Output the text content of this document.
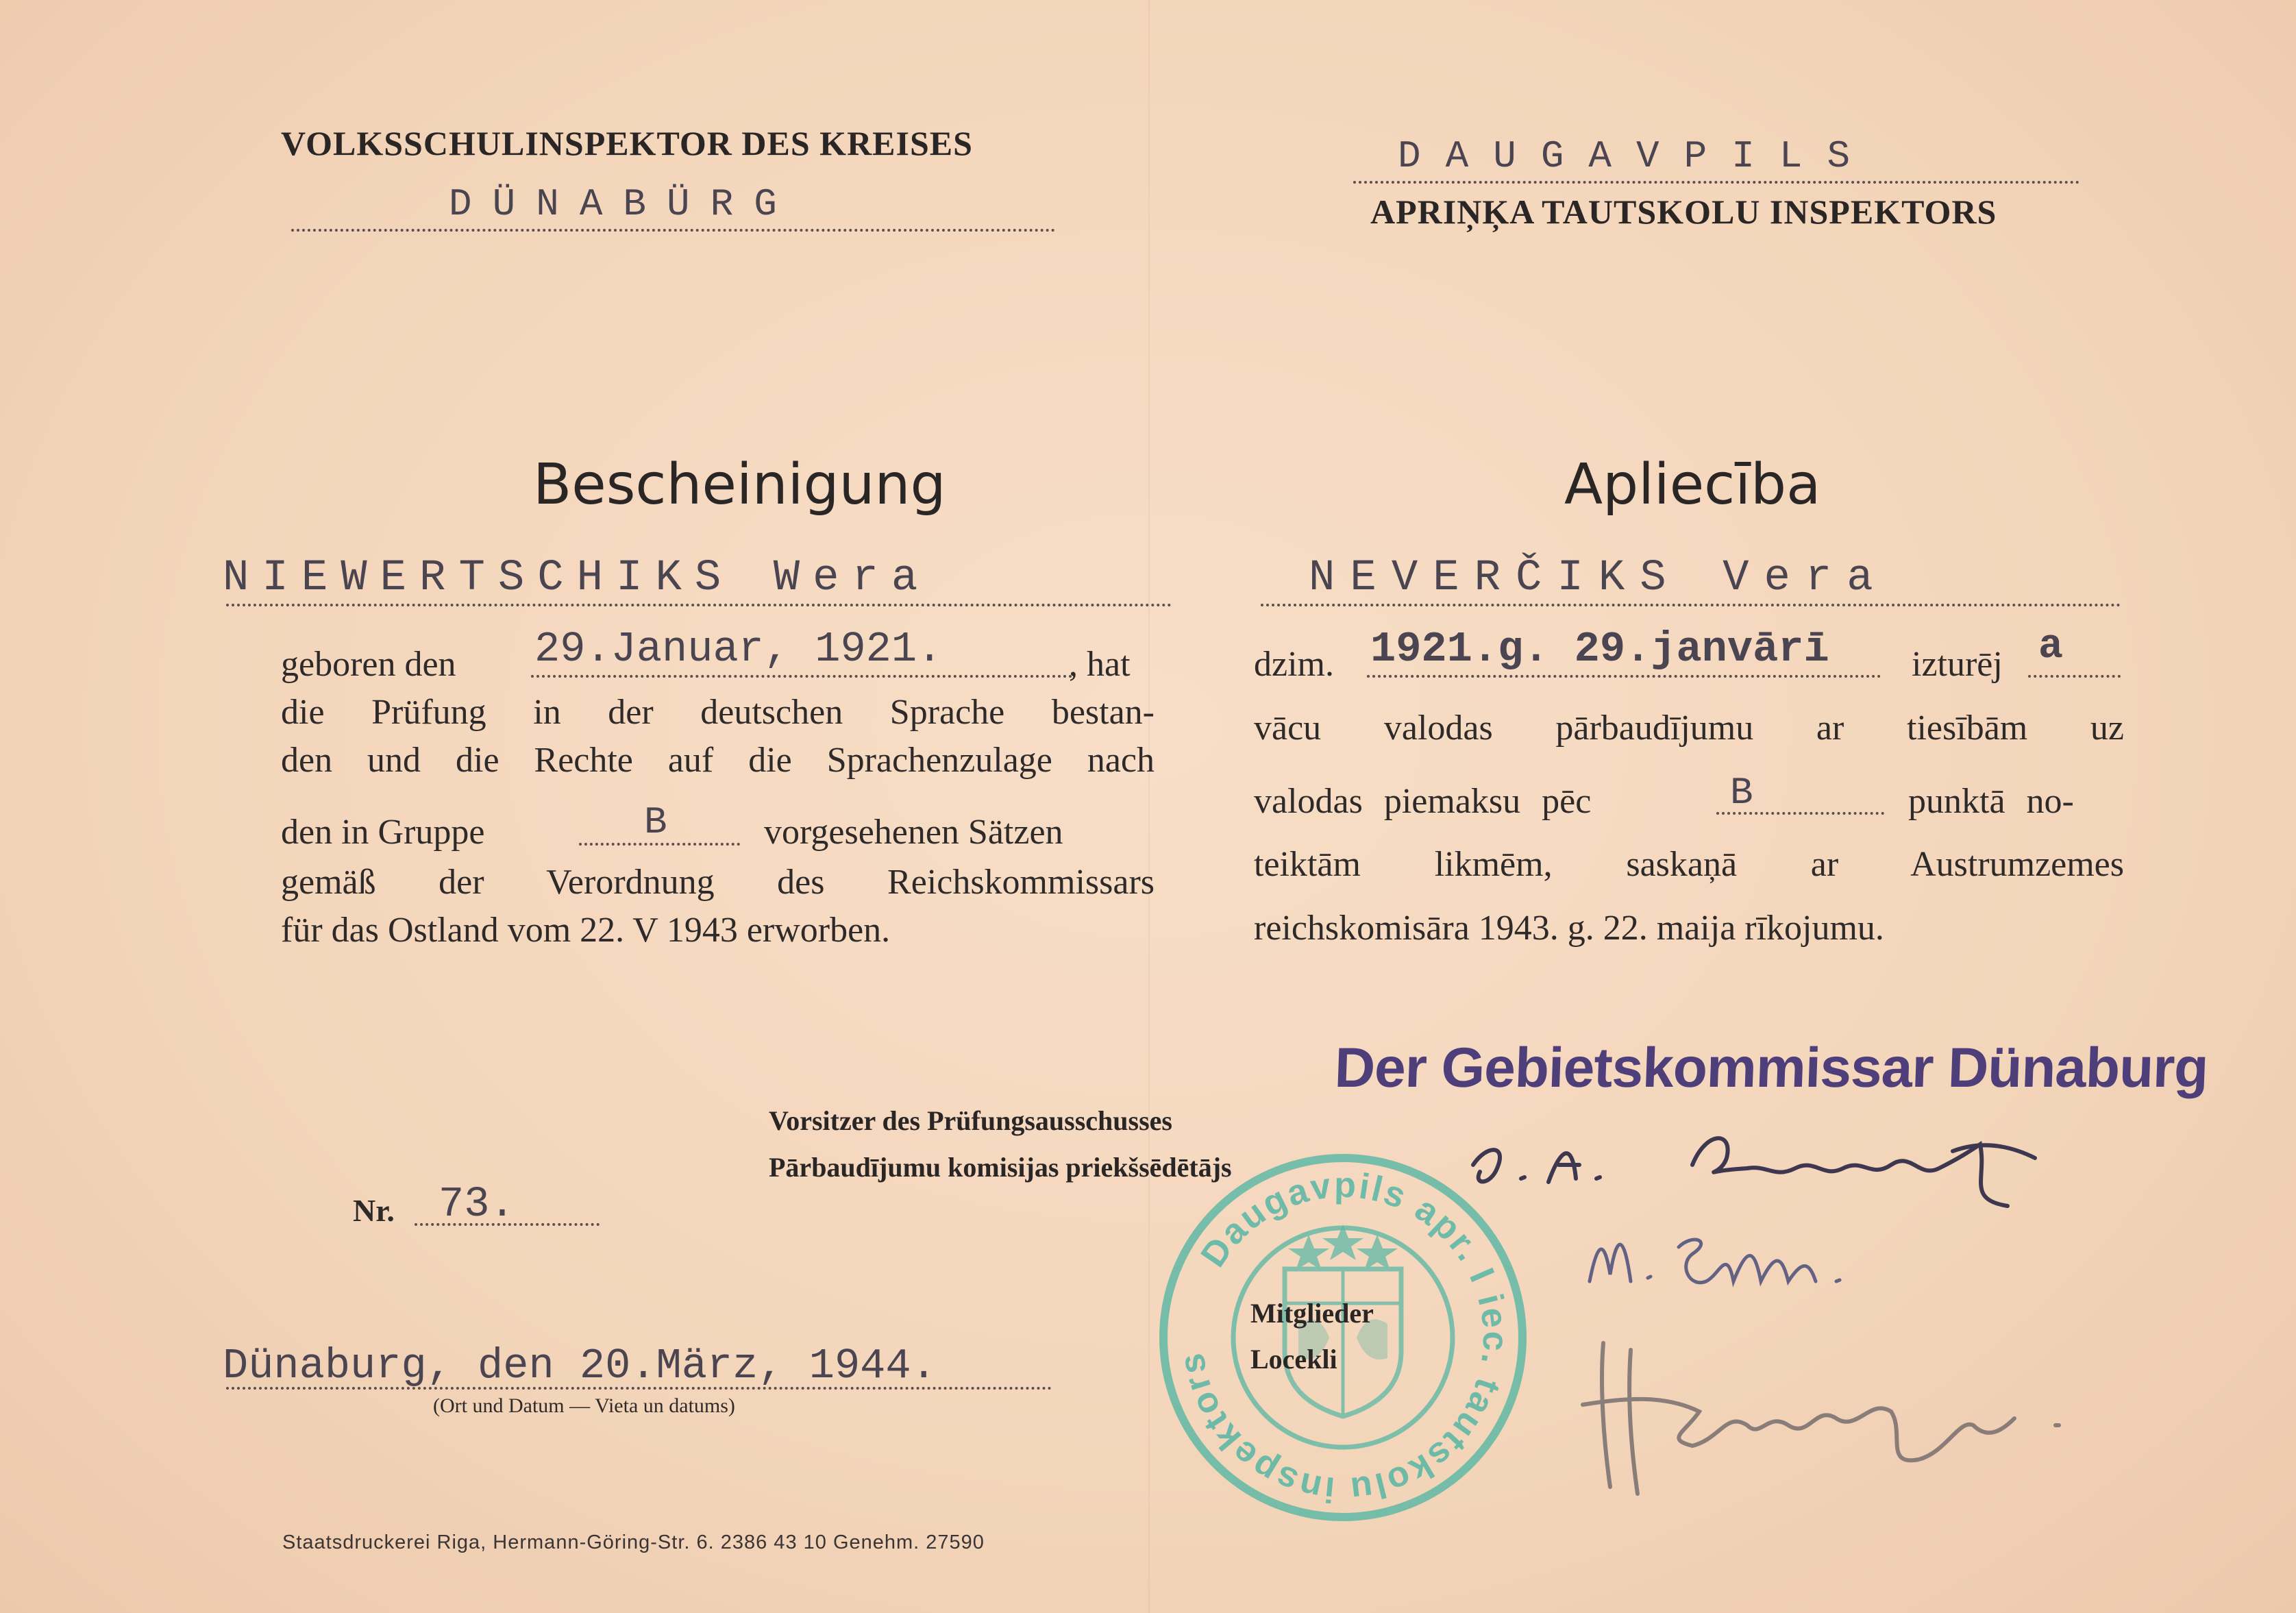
VOLKSSCHULINSPEKTOR DES KREISES
DÜNABÜRG
DAUGAVPILS
APRIŅĶA TAUTSKOLU INSPEKTORS
Bescheinigung	Apliecība
NIEWERTSCHIKS Wera	NEVERČIKS Vera
geboren den 29.Januar, 1921.	, hat
die Prüfung in der deutschen Sprache bestan-
den und die Rechte auf die Sprachenzulage nach
den in Gruppe	B	vorgesehenen Sätzen
gemäß der Verordnung des Reichskommissars
für das Ostland vom 22. V 1943 erworben.
dzim. 1921.g. 29.janvārī izturēj a
vācu valodas pārbaudījumu ar tiesībām uz
valodas piemaksu pēc	B	punktā no-
teiktām likmēm, saskaņā ar Austrumzemes
reichskomisāra 1943. g. 22. maija rīkojumu.
Der Gebietskommissar Dünaburg
Vorsitzer des Prüfungsausschusses
Pārbaudījumu komisijas priekšsēdētājs
Nr. 73.
Dünaburg, den 20.März, 1944.
(Ort und Datum — Vieta un datums)
Staatsdruckerei Riga, Hermann-Göring-Str. 6. 2386 43 10 Genehm. 27590
Daugavpils apr. I iec. tautskolu inspektors
Mitglieder
Locekli
